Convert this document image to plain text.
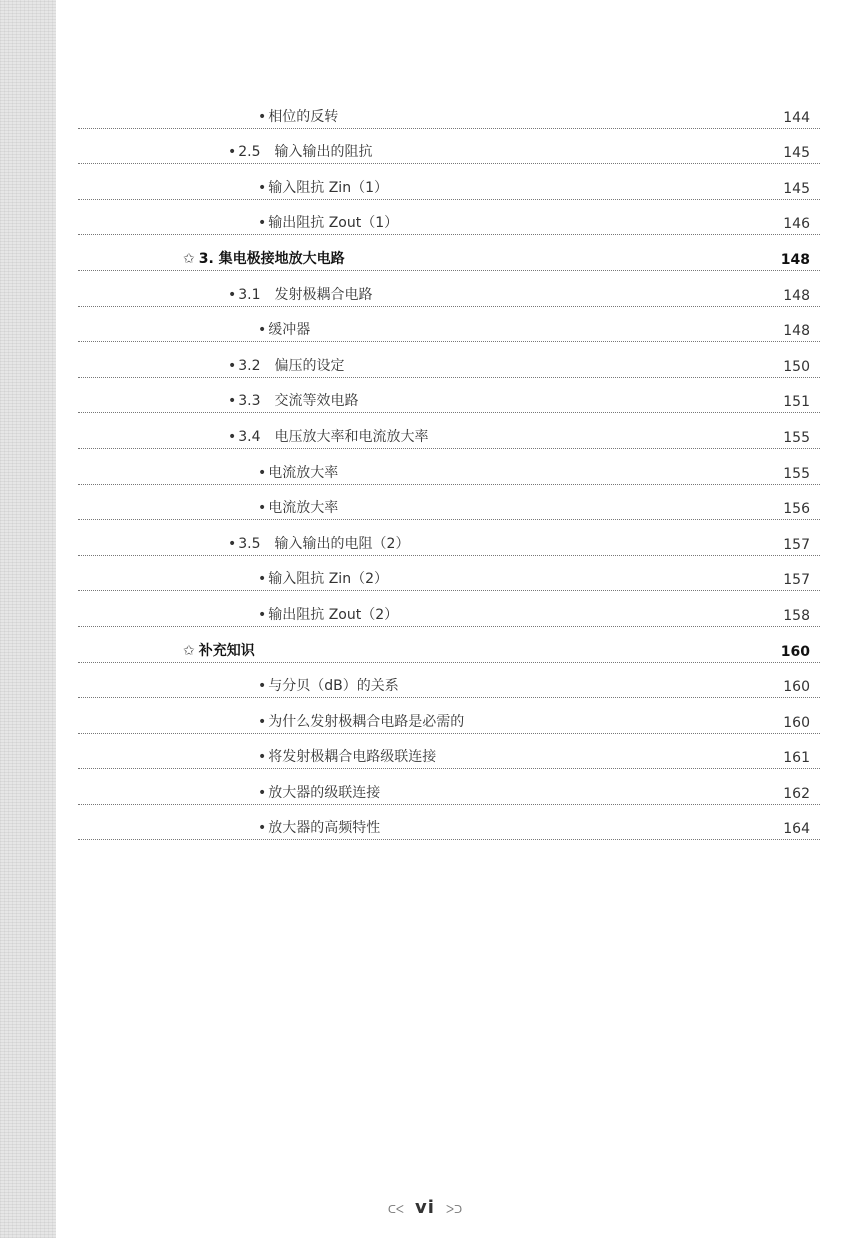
• 相位的反转	144
• 2.5 输入输出的阻抗	145
• 输入阻抗 Zin（1）	145
• 输出阻抗 Zout（1）	146
✩ 3. 集电极接地放大电路	148
• 3.1 发射极耦合电路	148
• 缓冲器	148
• 3.2 偏压的设定	150
• 3.3 交流等效电路	151
• 3.4 电压放大率和电流放大率	155
• 电流放大率	155
• 电流放大率	156
• 3.5 输入输出的电阻（2）	157
• 输入阻抗 Zin（2）	157
• 输出阻抗 Zout（2）	158
✩ 补充知识	160
• 与分贝（dB）的关系	160
• 为什么发射极耦合电路是必需的	160
• 将发射极耦合电路级联连接	161
• 放大器的级联连接	162
• 放大器的高频特性	164
ᑕᐸ vi ᐳᑐ
